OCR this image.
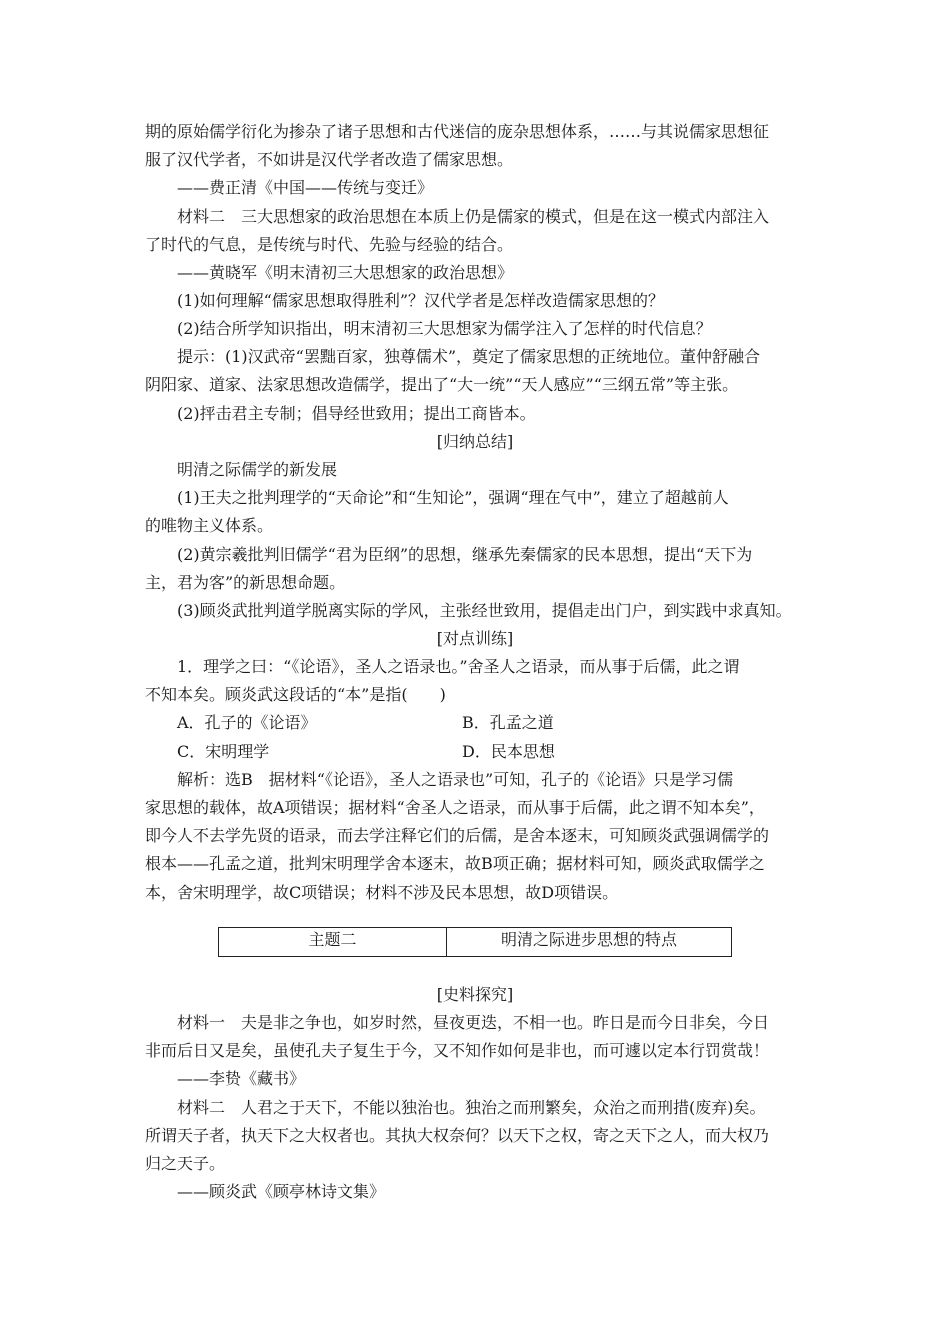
期的原始儒学衍化为掺杂了诸子思想和古代迷信的庞杂思想体系，……与其说儒家思想征
服了汉代学者，不如讲是汉代学者改造了儒家思想。
——费正清《中国——传统与变迁》
材料二　三大思想家的政治思想在本质上仍是儒家的模式，但是在这一模式内部注入
了时代的气息，是传统与时代、先验与经验的结合。
——黄晓军《明末清初三大思想家的政治思想》
(1)如何理解“儒家思想取得胜利”？汉代学者是怎样改造儒家思想的？
(2)结合所学知识指出，明末清初三大思想家为儒学注入了怎样的时代信息？
提示：(1)汉武帝“罢黜百家，独尊儒术”，奠定了儒家思想的正统地位。董仲舒融合
阴阳家、道家、法家思想改造儒学，提出了“大一统”“天人感应”“三纲五常”等主张。
(2)抨击君主专制；倡导经世致用；提出工商皆本。
[归纳总结]
明清之际儒学的新发展
(1)王夫之批判理学的“天命论”和“生知论”，强调“理在气中”，建立了超越前人
的唯物主义体系。
(2)黄宗羲批判旧儒学“君为臣纲”的思想，继承先秦儒家的民本思想，提出“天下为
主，君为客”的新思想命题。
(3)顾炎武批判道学脱离实际的学风，主张经世致用，提倡走出门户，到实践中求真知。
[对点训练]
1．理学之曰：“《论语》，圣人之语录也。”舍圣人之语录，而从事于后儒，此之谓
不知本矣。顾炎武这段话的“本”是指(　　)
A．孔子的《论语》	B．孔孟之道
C．宋明理学	D．民本思想
解析：选B　据材料“《论语》，圣人之语录也”可知，孔子的《论语》只是学习儒
家思想的载体，故A项错误；据材料“舍圣人之语录，而从事于后儒，此之谓不知本矣”，
即今人不去学先贤的语录，而去学注释它们的后儒，是舍本逐末，可知顾炎武强调儒学的
根本——孔孟之道，批判宋明理学舍本逐末，故B项正确；据材料可知，顾炎武取儒学之
本，舍宋明理学，故C项错误；材料不涉及民本思想，故D项错误。
主题二	明清之际进步思想的特点
[史料探究]
材料一　夫是非之争也，如岁时然，昼夜更迭，不相一也。昨日是而今日非矣，今日
非而后日又是矣，虽使孔夫子复生于今，又不知作如何是非也，而可遽以定本行罚赏哉！
——李贽《藏书》
材料二　人君之于天下，不能以独治也。独治之而刑繁矣，众治之而刑措(废弃)矣。
所谓天子者，执天下之大权者也。其执大权奈何？以天下之权，寄之天下之人，而大权乃
归之天子。
——顾炎武《顾亭林诗文集》
